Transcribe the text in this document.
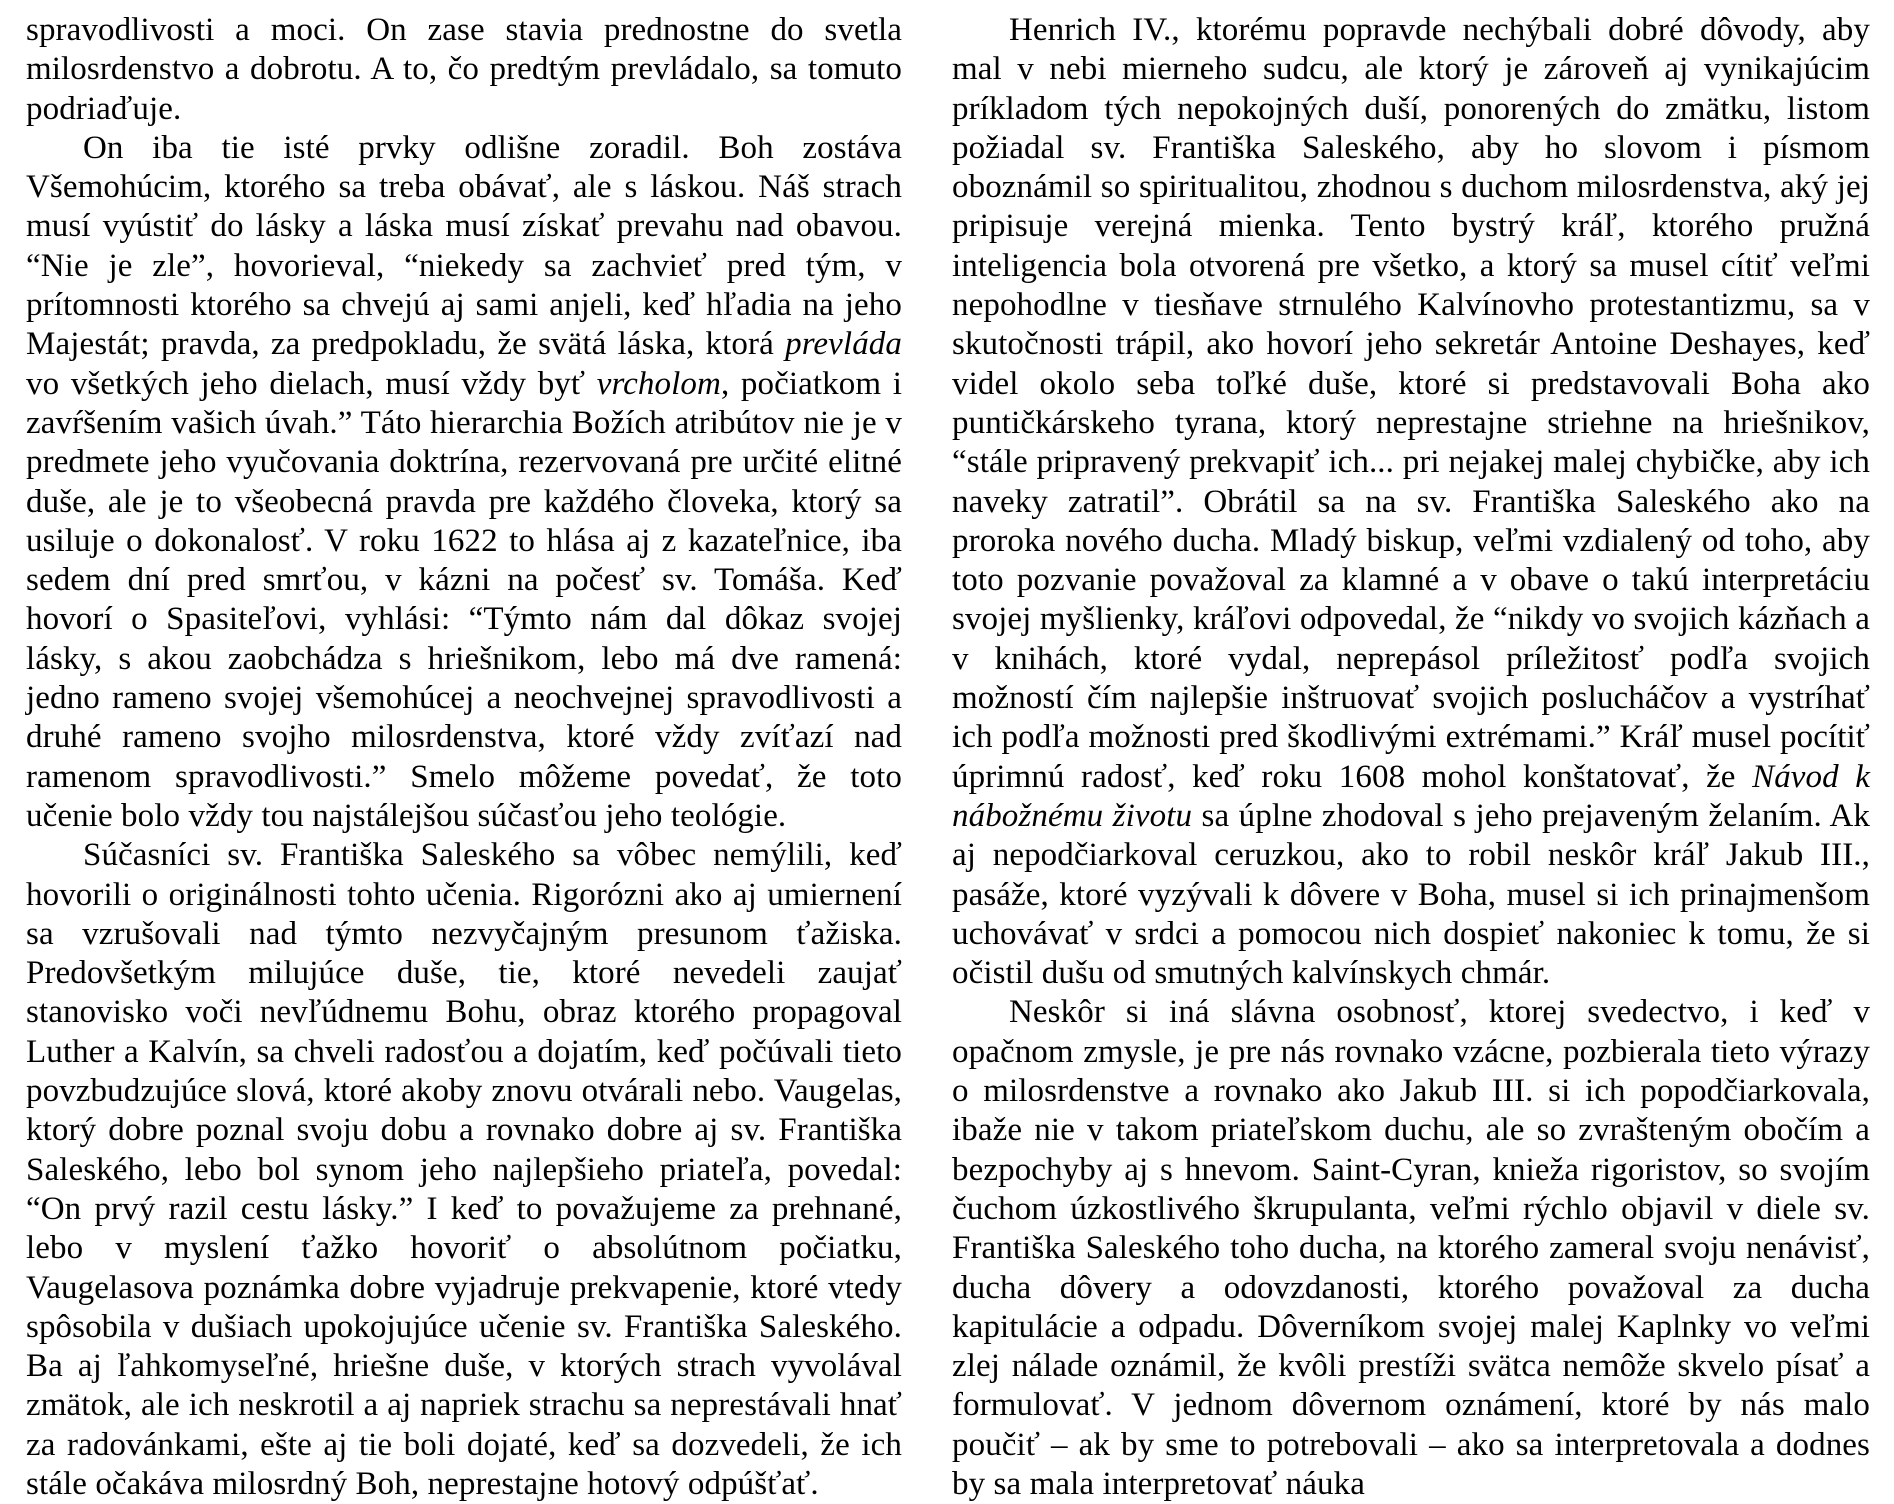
spravodlivosti a moci. On zase stavia prednostne do svetla milosrdenstvo a dobrotu. A to, čo predtým prevládalo, sa tomuto podriaďuje.

On iba tie isté prvky odlišne zoradil. Boh zostáva Všemohúcim, ktorého sa treba obávať, ale s láskou. Náš strach musí vyústiť do lásky a láska musí získať prevahu nad obavou. “Nie je zle”, hovorieval, “niekedy sa zachvieť pred tým, v prítomnosti ktorého sa chvejú aj sami anjeli, keď hľadia na jeho Majestát; pravda, za predpokladu, že svätá láska, ktorá prevláda vo všetkých jeho dielach, musí vždy byť vrcholom, počiatkom i zavŕšením vašich úvah.” Táto hierarchia Božích atribútov nie je v predmete jeho vyučovania doktrína, rezervovaná pre určité elitné duše, ale je to všeobecná pravda pre každého človeka, ktorý sa usiluje o dokonalosť. V roku 1622 to hlása aj z kazateľnice, iba sedem dní pred smrťou, v kázni na počesť sv. Tomáša. Keď hovorí o Spasiteľovi, vyhlási: “Týmto nám dal dôkaz svojej lásky, s akou zaobchádza s hriešnikom, lebo má dve ramená: jedno rameno svojej všemohúcej a neochvejnej spravodlivosti a druhé rameno svojho milosrdenstva, ktoré vždy zvíťazí nad ramenom spravodlivosti.” Smelo môžeme povedať, že toto učenie bolo vždy tou najstálejšou súčasťou jeho teológie.

Súčasníci sv. Františka Saleského sa vôbec nemýlili, keď hovorili o originálnosti tohto učenia. Rigorózni ako aj umiernení sa vzrušovali nad týmto nezvyčajným presunom ťažiska. Predovšetkým milujúce duše, tie, ktoré nevedeli zaujať stanovisko voči nevľúdnemu Bohu, obraz ktorého propagoval Luther a Kalvín, sa chveli radosťou a dojatím, keď počúvali tieto povzbudzujúce slová, ktoré akoby znovu otvárali nebo. Vaugelas, ktorý dobre poznal svoju dobu a rovnako dobre aj sv. Františka Saleského, lebo bol synom jeho najlepšieho priateľa, povedal: “On prvý razil cestu lásky.” I keď to považujeme za prehnané, lebo v myslení ťažko hovoriť o absolútnom počiatku, Vaugelasova poznámka dobre vyjadruje prekvapenie, ktoré vtedy spôsobila v dušiach upokojujúce učenie sv. Františka Saleského. Ba aj ľahkomyseľné, hriešne duše, v ktorých strach vyvolával zmätok, ale ich neskrotil a aj napriek strachu sa neprestávali hnať za radovánkami, ešte aj tie boli dojaté, keď sa dozvedeli, že ich stále očakáva milosrdný Boh, neprestajne hotový odpúšťať.

Henrich IV., ktorému popravde nechýbali dobré dôvody, aby mal v nebi mierneho sudcu, ale ktorý je zároveň aj vynikajúcim príkladom tých nepokojných duší, ponorených do zmätku, listom požiadal sv. Františka Saleského, aby ho slovom i písmom oboznámil so spiritualitou, zhodnou s duchom milosrdenstva, aký jej pripisuje verejná mienka. Tento bystrý kráľ, ktorého pružná inteligencia bola otvorená pre všetko, a ktorý sa musel cítiť veľmi nepohodlne v tiesňave strnulého Kalvínovho protestantizmu, sa v skutočnosti trápil, ako hovorí jeho sekretár Antoine Deshayes, keď videl okolo seba toľké duše, ktoré si predstavovali Boha ako puntičkárskeho tyrana, ktorý neprestajne striehne na hriešnikov, “stále pripravený prekvapiť ich... pri nejakej malej chybičke, aby ich naveky zatratil”. Obrátil sa na sv. Františka Saleského ako na proroka nového ducha. Mladý biskup, veľmi vzdialený od toho, aby toto pozvanie považoval za klamné a v obave o takú interpretáciu svojej myšlienky, kráľovi odpovedal, že “nikdy vo svojich kázňach a v knihách, ktoré vydal, neprepásol príležitosť podľa svojich možností čím najlepšie inštruovať svojich poslucháčov a vystríhať ich podľa možnosti pred škodlivými extrémami.” Kráľ musel pocítiť úprimnú radosť, keď roku 1608 mohol konštatovať, že Návod k nábožnému životu sa úplne zhodoval s jeho prejaveným želaním. Ak aj nepodčiarkoval ceruzkou, ako to robil neskôr kráľ Jakub III., pasáže, ktoré vyzývali k dôvere v Boha, musel si ich prinajmenšom uchovávať v srdci a pomocou nich dospieť nakoniec k tomu, že si očistil dušu od smutných kalvínskych chmár.

Neskôr si iná slávna osobnosť, ktorej svedectvo, i keď v opačnom zmysle, je pre nás rovnako vzácne, pozbierala tieto výrazy o milosrdenstve a rovnako ako Jakub III. si ich popodčiarkovala, ibaže nie v takom priateľskom duchu, ale so zvrašteným obočím a bezpochyby aj s hnevom. Saint-Cyran, knieža rigoristov, so svojím čuchom úzkostlivého škrupulanta, veľmi rýchlo objavil v diele sv. Františka Saleského toho ducha, na ktorého zameral svoju nenávisť, ducha dôvery a odovzdanosti, ktorého považoval za ducha kapitulácie a odpadu. Dôverníkom svojej malej Kaplnky vo veľmi zlej nálade oznámil, že kvôli prestíži svätca nemôže skvelo písať a formulovať. V jednom dôvernom oznámení, ktoré by nás malo poučiť – ak by sme to potrebovali – ako sa interpretovala a dodnes by sa mala interpretovať náuka
